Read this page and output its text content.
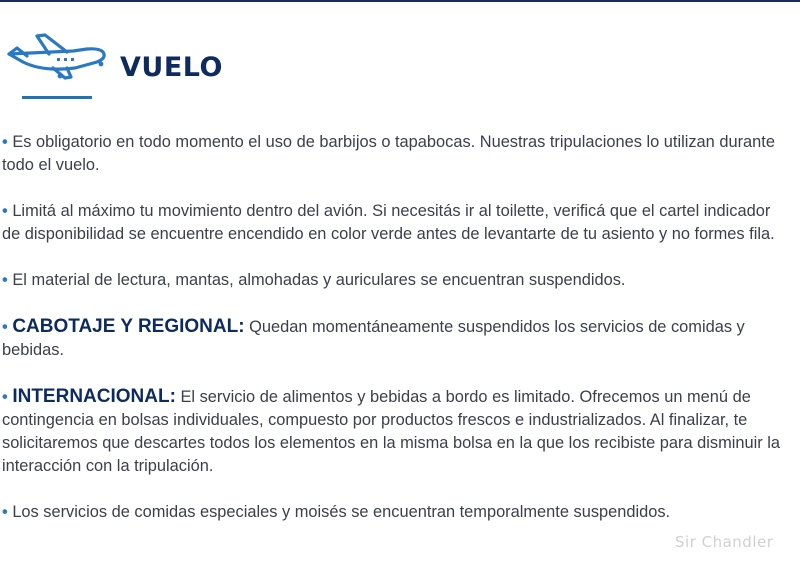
VUELO

• Es obligatorio en todo momento el uso de barbijos o tapabocas. Nuestras tripulaciones lo utilizan durante todo el vuelo.

• Limitá al máximo tu movimiento dentro del avión. Si necesitás ir al toilette, verificá que el cartel indicador de disponibilidad se encuentre encendido en color verde antes de levantarte de tu asiento y no formes fila.

• El material de lectura, mantas, almohadas y auriculares se encuentran suspendidos.

• CABOTAJE Y REGIONAL: Quedan momentáneamente suspendidos los servicios de comidas y bebidas.

• INTERNACIONAL: El servicio de alimentos y bebidas a bordo es limitado. Ofrecemos un menú de contingencia en bolsas individuales, compuesto por productos frescos e industrializados. Al finalizar, te solicitaremos que descartes todos los elementos en la misma bolsa en la que los recibiste para disminuir la interacción con la tripulación.

• Los servicios de comidas especiales y moisés se encuentran temporalmente suspendidos.

Sir Chandler
